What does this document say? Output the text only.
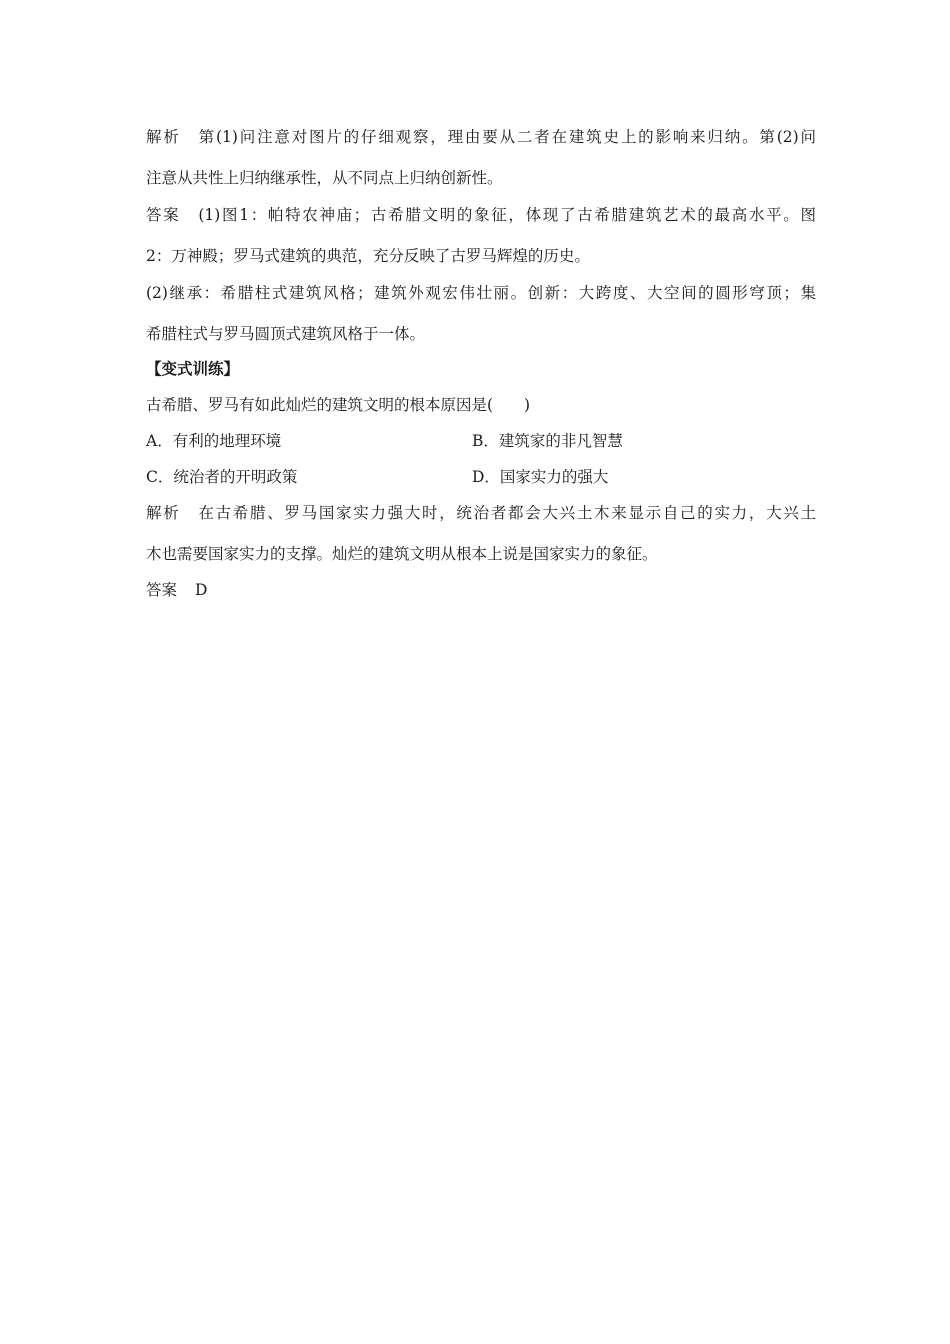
解析 第(1)问注意对图片的仔细观察，理由要从二者在建筑史上的影响来归纳。第(2)问
注意从共性上归纳继承性，从不同点上归纳创新性。
答案 (1)图1：帕特农神庙；古希腊文明的象征，体现了古希腊建筑艺术的最高水平。图
2：万神殿；罗马式建筑的典范，充分反映了古罗马辉煌的历史。
(2)继承：希腊柱式建筑风格；建筑外观宏伟壮丽。创新：大跨度、大空间的圆形穹顶；集
希腊柱式与罗马圆顶式建筑风格于一体。
【变式训练】
古希腊、罗马有如此灿烂的建筑文明的根本原因是(　　)
A．有利的地理环境	B．建筑家的非凡智慧
C．统治者的开明政策	D．国家实力的强大
解析 在古希腊、罗马国家实力强大时，统治者都会大兴土木来显示自己的实力，大兴土
木也需要国家实力的支撑。灿烂的建筑文明从根本上说是国家实力的象征。
答案 D
